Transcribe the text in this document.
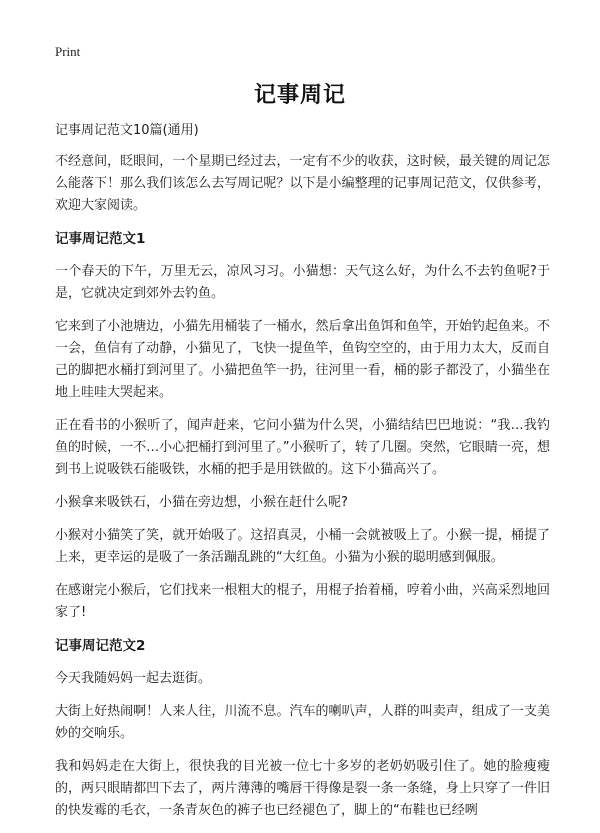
Print
记事周记

记事周记范文10篇(通用)

不经意间，眨眼间，一个星期已经过去，一定有不少的收获，这时候，最关键的周记怎么能落下！那么我们该怎么去写周记呢？以下是小编整理的记事周记范文，仅供参考，欢迎大家阅读。

记事周记范文1

一个春天的下午，万里无云，凉风习习。小猫想：天气这么好，为什么不去钓鱼呢?于是，它就决定到郊外去钓鱼。

它来到了小池塘边，小猫先用桶装了一桶水，然后拿出鱼饵和鱼竿，开始钓起鱼来。不一会，鱼信有了动静，小猫见了，飞快一提鱼竿，鱼钩空空的，由于用力太大，反而自己的脚把水桶打到河里了。小猫把鱼竿一扔，往河里一看，桶的影子都没了，小猫坐在地上哇哇大哭起来。

正在看书的小猴听了，闻声赶来，它问小猫为什么哭，小猫结结巴巴地说：“我…我钓鱼的时候，一不…小心把桶打到河里了。”小猴听了，转了几圈。突然，它眼睛一亮，想到书上说吸铁石能吸铁，水桶的把手是用铁做的。这下小猫高兴了。

小猴拿来吸铁石，小猫在旁边想，小猴在赶什么呢?

小猴对小猫笑了笑，就开始吸了。这招真灵，小桶一会就被吸上了。小猴一提，桶提了上来，更幸运的是吸了一条活蹦乱跳的“大红鱼。小猫为小猴的聪明感到佩服。

在感谢完小猴后，它们找来一根粗大的棍子，用棍子抬着桶，哼着小曲，兴高采烈地回家了!

记事周记范文2

今天我随妈妈一起去逛街。

大街上好热闹啊！人来人往，川流不息。汽车的喇叭声，人群的叫卖声，组成了一支美妙的交响乐。

我和妈妈走在大街上，很快我的目光被一位七十多岁的老奶奶吸引住了。她的脸瘦瘦的，两只眼睛都凹下去了，两片薄薄的嘴唇干得像是裂一条一条缝，身上只穿了一件旧的快发霉的毛衣，一条青灰色的裤子也已经褪色了，脚上的“布鞋也已经咧
